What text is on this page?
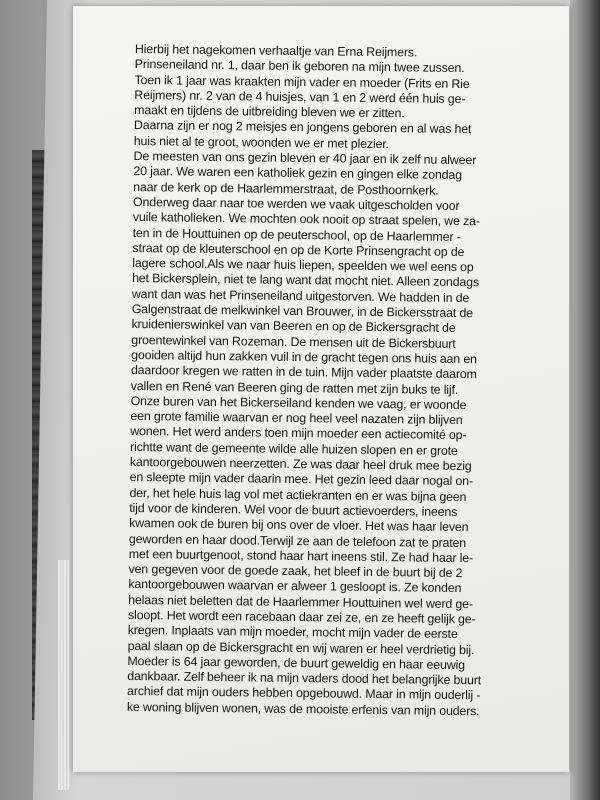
Hierbij het nagekomen verhaaltje van Erna Reijmers.
Prinseneiland nr. 1, daar ben ik geboren na mijn twee zussen.
Toen ik 1 jaar was kraakten mijn vader en moeder (Frits en Rie
Reijmers) nr. 2 van de 4 huisjes, van 1 en 2 werd één huis ge-
maakt en tijdens de uitbreiding bleven we er zitten.
Daarna zijn er nog 2 meisjes en jongens geboren en al was het
huis niet al te groot, woonden we er met plezier.
De meesten van ons gezin bleven er 40 jaar en ik zelf nu alweer
20 jaar. We waren een katholiek gezin en gingen elke zondag
naar de kerk op de Haarlemmerstraat, de Posthoornkerk.
Onderweg daar naar toe werden we vaak uitgescholden voor
vuile katholieken. We mochten ook nooit op straat spelen, we za-
ten in de Houttuinen op de peuterschool, op de Haarlemmer -
straat op de kleuterschool en op de Korte Prinsengracht op de
lagere school.Als we naar huis liepen, speelden we wel eens op
het Bickersplein, niet te lang want dat mocht niet. Alleen zondags
want dan was het Prinseneiland uitgestorven. We hadden in de
Galgenstraat de melkwinkel van Brouwer, in de Bickersstraat de
kruidenierswinkel van van Beeren en op de Bickersgracht de
groentewinkel van Rozeman. De mensen uit de Bickersbuurt
gooiden altijd hun zakken vuil in de gracht tegen ons huis aan en
daardoor kregen we ratten in de tuin. Mijn vader plaatste daarom
vallen en René van Beeren ging de ratten met zijn buks te lijf.
Onze buren van het Bickerseiland kenden we vaag, er woonde
een grote familie waarvan er nog heel veel nazaten zijn blijven
wonen. Het werd anders toen mijn moeder een actiecomité op-
richtte want de gemeente wilde alle huizen slopen en er grote
kantoorgebouwen neerzetten. Ze was daar heel druk mee bezig
en sleepte mijn vader daarin mee. Het gezin leed daar nogal on-
der, het hele huis lag vol met actiekranten en er was bijna geen
tijd voor de kinderen. Wel voor de buurt actievoerders, ineens
kwamen ook de buren bij ons over de vloer. Het was haar leven
geworden en haar dood.Terwijl ze aan de telefoon zat te praten
met een buurtgenoot, stond haar hart ineens stil. Ze had haar le-
ven gegeven voor de goede zaak, het bleef in de buurt bij de 2
kantoorgebouwen waarvan er alweer 1 gesloopt is. Ze konden
helaas niet beletten dat de Haarlemmer Houttuinen wel werd ge-
sloopt. Het wordt een racebaan daar zei ze, en ze heeft gelijk ge-
kregen. Inplaats van mijn moeder, mocht mijn vader de eerste
paal slaan op de Bickersgracht en wij waren er heel verdrietig bij.
Moeder is 64 jaar geworden, de buurt geweldig en haar eeuwig
dankbaar. Zelf beheer ik na mijn vaders dood het belangrijke buurt
archief dat mijn ouders hebben opgebouwd. Maar in mijn ouderlij -
ke woning blijven wonen, was de mooiste erfenis van mijn ouders.
